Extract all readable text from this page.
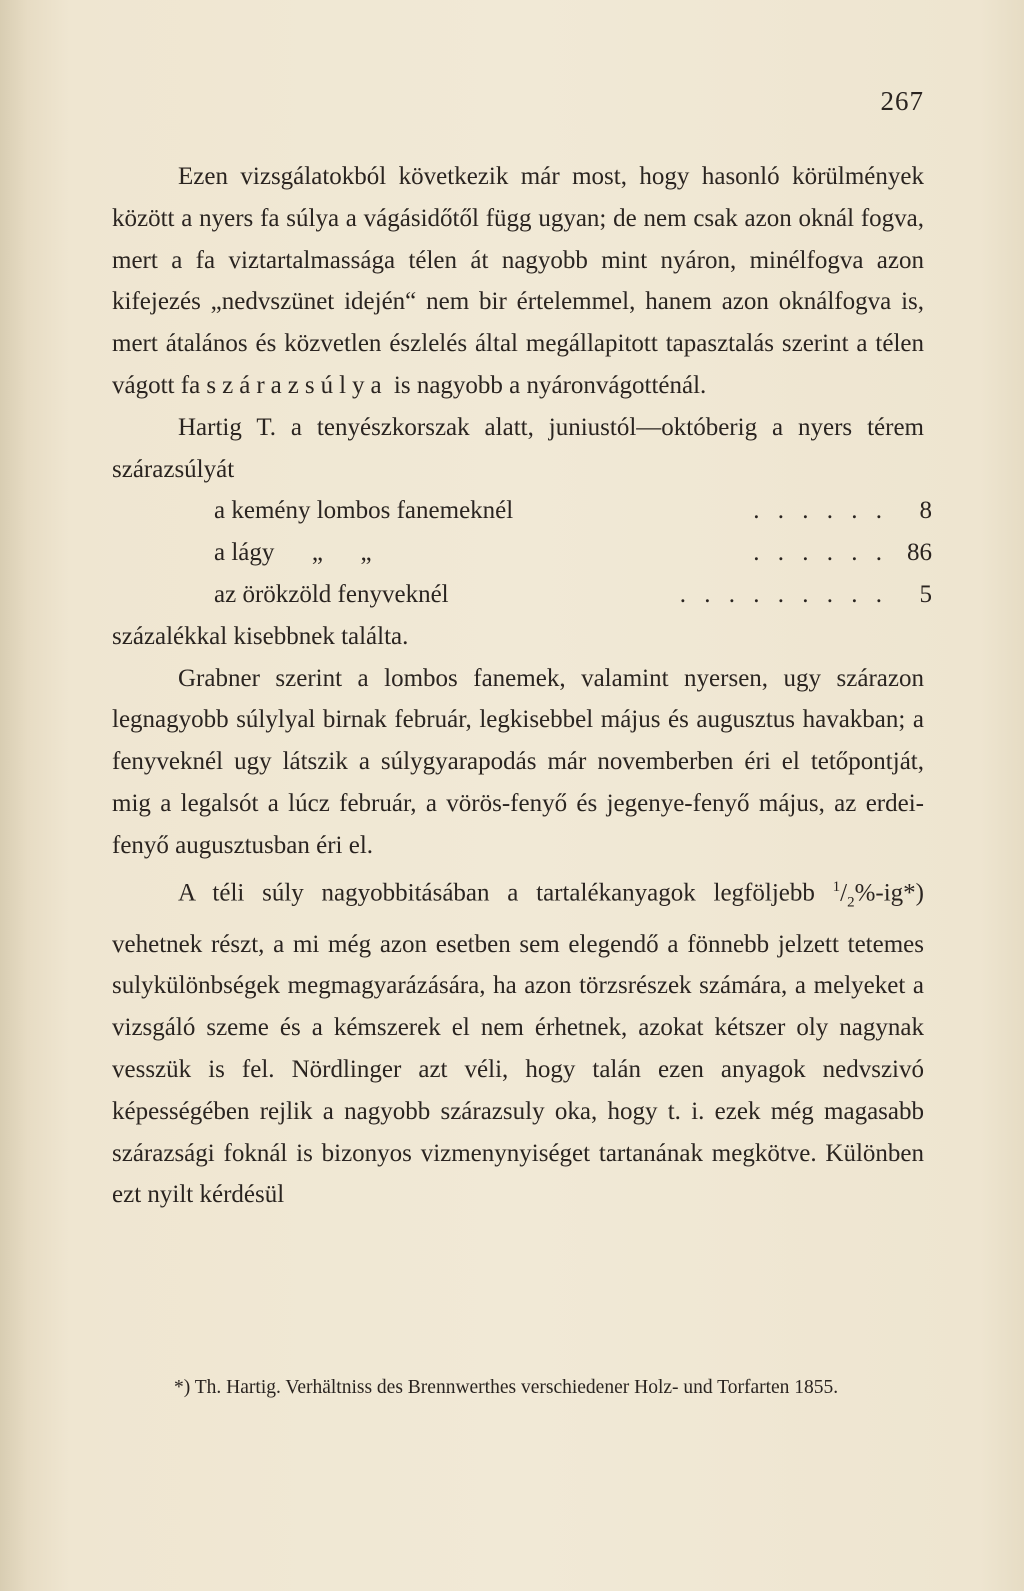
267

Ezen vizsgálatokból következik már most, hogy hasonló körülmények között a nyers fa súlya a vágásidőtől függ ugyan; de nem csak azon oknál fogva, mert a fa viztartalmassága télen át nagyobb mint nyáron, minélfogva azon kifejezés „nedvszünet idején“ nem bir értelemmel, hanem azon oknálfogva is, mert átalános és közvetlen észlelés által megállapitott tapasztalás szerint a télen vágott fa szárazsúlya is nagyobb a nyáronvágotténál.

Hartig T. a tenyészkorszak alatt, juniustól—októberig a nyers térem szárazsúlyát

a kemény lombos fanemeknél	. . . . . .	8
a lágy      „      „	. . . . . . 86
az örökzöld fenyveknél	. . . . . . . . .	5

százalékkal kisebbnek találta.

Grabner szerint a lombos fanemek, valamint nyersen, ugy szárazon legnagyobb súlylyal birnak február, legkisebbel május és augusztus havakban; a fenyveknél ugy látszik a súlygyarapodás már novemberben éri el tetőpontját, mig a legalsót a lúcz február, a vörös-fenyő és jegenye-fenyő május, az erdei-fenyő augusztusban éri el.

A téli súly nagyobbitásában a tartalékanyagok legföljebb $^1/_2\%-ig*$) vehetnek részt, a mi még azon esetben sem elegendő a fönnebb jelzett tetemes sulykülönbségek megmagyarázására, ha azon törzsrészek számára, a melyeket a vizsgáló szeme és a kémszerek el nem érhetnek, azokat kétszer oly nagynak vesszük is fel. Nördlinger azt véli, hogy talán ezen anyagok nedvszivó képességében rejlik a nagyobb szárazsuly oka, hogy t. i. ezek még magasabb szárazsági foknál is bizonyos vizmenynyiséget tartanának megkötve. Különben ezt nyilt kérdésül

*) Th. Hartig. Verhältniss des Brennwerthes verschiedener Holz- und Torfarten 1855.
